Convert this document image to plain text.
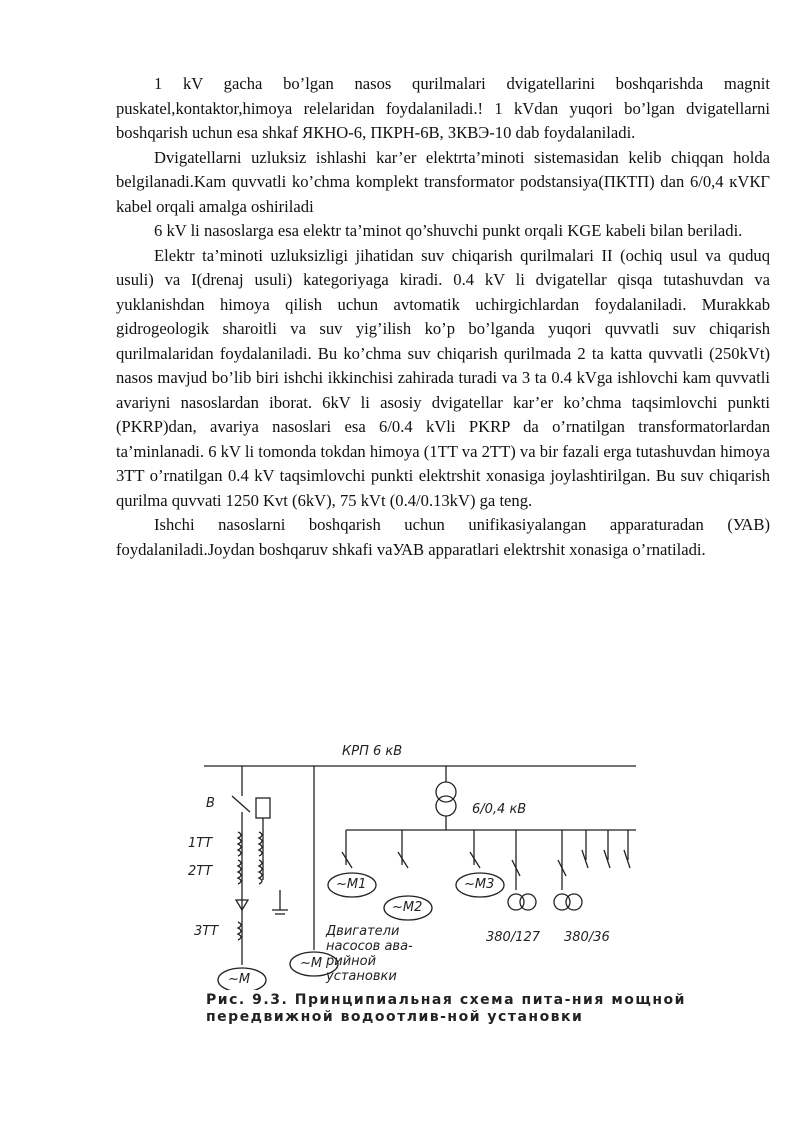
1 kV gacha bo’lgan nasos qurilmalari dvigatellarini boshqarishda magnit puskatel,kontaktor,himoya relelaridan foydalaniladi.! 1 kVdan yuqori bo’lgan dvigatellarni boshqarish uchun esa shkaf ЯКНО-6, ПКРН-6В, ЗКВЭ-10 dab foydalaniladi.

Dvigatellarni uzluksiz ishlashi kar’er elektrta’minoti sistemasidan kelib chiqqan holda belgilanadi.Kam quvvatli ko’chma komplekt transformator podstansiya(ПКТП) dan 6/0,4 кVКГ kabel orqali amalga oshiriladi

6 kV li nasoslarga esa elektr ta’minot qo’shuvchi punkt orqali KGE kabeli bilan beriladi.

Elektr ta’minoti uzluksizligi jihatidan suv chiqarish qurilmalari II (ochiq usul va quduq usuli) va I(drenaj usuli) kategoriyaga kiradi. 0.4 kV li dvigatellar qisqa tutashuvdan va yuklanishdan himoya qilish uchun avtomatik uchirgichlardan foydalaniladi. Murakkab gidrogeologik sharoitli va suv yig’ilish ko’p bo’lganda yuqori quvvatli suv chiqarish qurilmalaridan foydalaniladi. Bu ko’chma suv chiqarish qurilmada 2 ta katta quvvatli (250kVt) nasos mavjud bo’lib biri ishchi ikkinchisi zahirada turadi va 3 ta 0.4 kVga ishlovchi kam quvvatli avariyni nasoslardan iborat. 6kV li asosiy dvigatellar kar’er ko’chma taqsimlovchi punkti (PKRP)dan, avariya nasoslari esa 6/0.4 kVli PKRP da o’rnatilgan transformatorlardan ta’minlanadi. 6 kV li tomonda tokdan himoya (1TT va 2TT) va bir fazali erga tutashuvdan himoya 3TT o’rnatilgan 0.4 kV taqsimlovchi punkti elektrshit xonasiga joylashtirilgan. Bu suv chiqarish qurilma quvvati 1250 Kvt (6kV), 75 kVt (0.4/0.13kV) ga teng.

Ishchi nasoslarni boshqarish uchun unifikasiyalangan apparaturadan (УАВ) foydalaniladi.Joydan boshqaruv shkafi vaУАВ apparatlari elektrshit xonasiga o’rnatiladi.

КРП 6 кВ
6/0,4 кВ
В
1ТТ
2ТТ
3ТТ
~М1
~М2
~М3
~М
~М
Двигатели насосов ава-рийной установки
380/127 380/36
Рис. 9.3. Принципиальная схема пита-ния мощной передвижной водоотлив-ной установки
